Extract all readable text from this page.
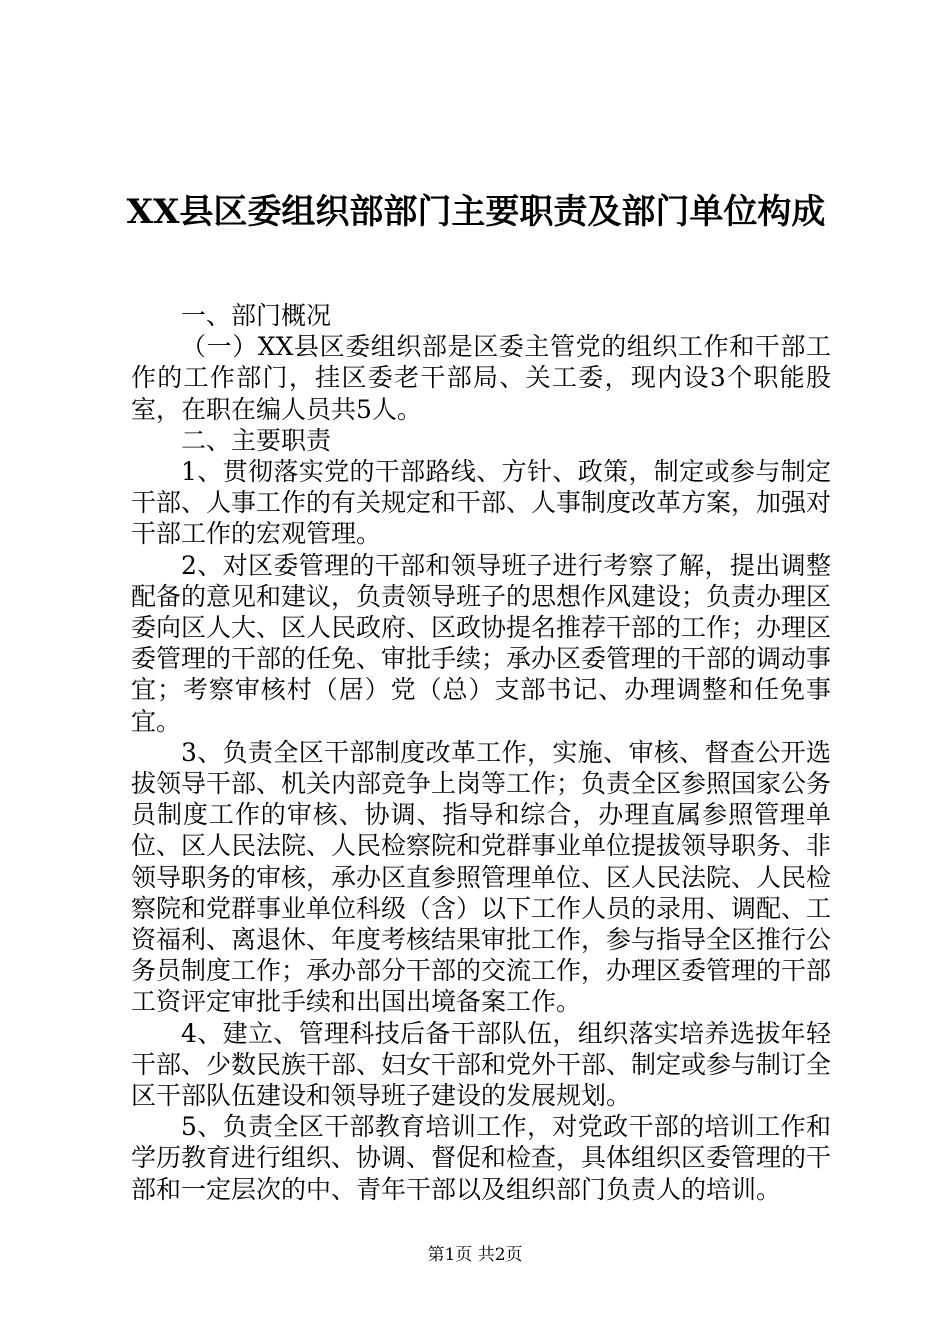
XX县区委组织部部门主要职责及部门单位构成

一、部门概况

（一）XX县区委组织部是区委主管党的组织工作和干部工作的工作部门，挂区委老干部局、关工委，现内设3个职能股室，在职在编人员共5人。

二、主要职责

1、贯彻落实党的干部路线、方针、政策，制定或参与制定干部、人事工作的有关规定和干部、人事制度改革方案，加强对干部工作的宏观管理。

2、对区委管理的干部和领导班子进行考察了解，提出调整配备的意见和建议，负责领导班子的思想作风建设；负责办理区委向区人大、区人民政府、区政协提名推荐干部的工作；办理区委管理的干部的任免、审批手续；承办区委管理的干部的调动事宜；考察审核村（居）党（总）支部书记、办理调整和任免事宜。

3、负责全区干部制度改革工作，实施、审核、督查公开选拔领导干部、机关内部竞争上岗等工作；负责全区参照国家公务员制度工作的审核、协调、指导和综合，办理直属参照管理单位、区人民法院、人民检察院和党群事业单位提拔领导职务、非领导职务的审核，承办区直参照管理单位、区人民法院、人民检察院和党群事业单位科级（含）以下工作人员的录用、调配、工资福利、离退休、年度考核结果审批工作，参与指导全区推行公务员制度工作；承办部分干部的交流工作，办理区委管理的干部工资评定审批手续和出国出境备案工作。

4、建立、管理科技后备干部队伍，组织落实培养选拔年轻干部、少数民族干部、妇女干部和党外干部、制定或参与制订全区干部队伍建设和领导班子建设的发展规划。

5、负责全区干部教育培训工作，对党政干部的培训工作和学历教育进行组织、协调、督促和检查，具体组织区委管理的干部和一定层次的中、青年干部以及组织部门负责人的培训。

第1页 共2页
